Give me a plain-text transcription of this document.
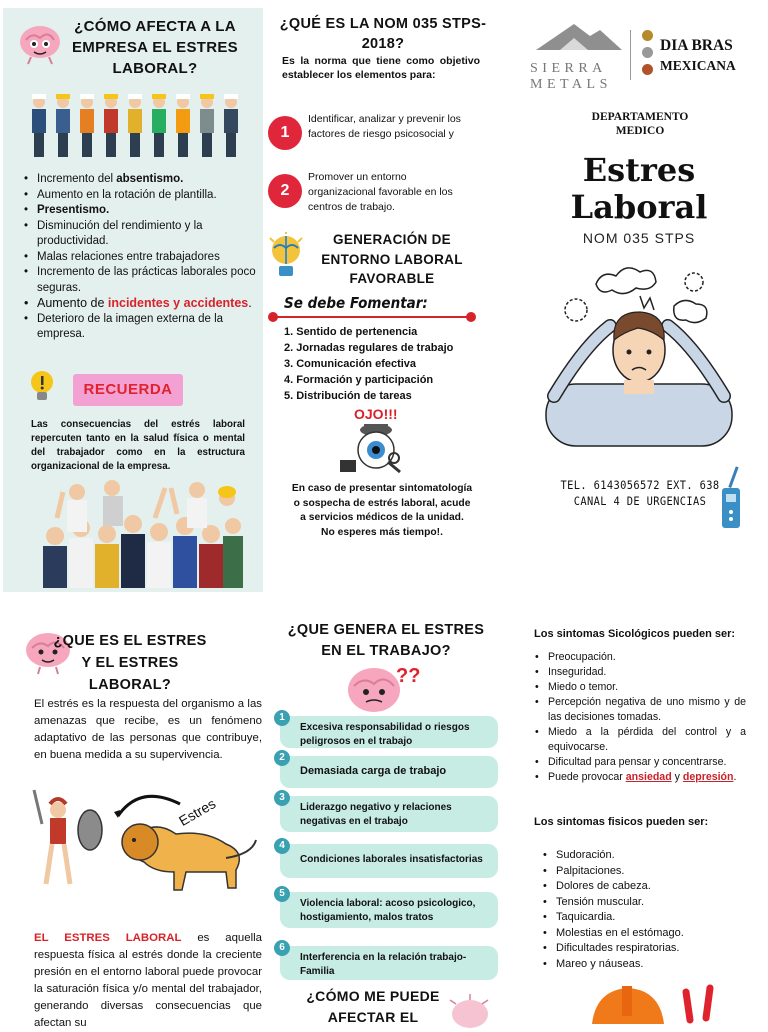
¿CÓMO AFECTA A LA EMPRESA EL ESTRES LABORAL?
• Incremento del absentismo.
• Aumento en la rotación de plantilla.
• Presentismo.
• Disminución del rendimiento y la productividad.
• Malas relaciones entre trabajadores
• Incremento de las prácticas laborales poco seguras.
• Aumento de incidentes y accidentes.
• Deterioro de la imagen externa de la empresa.
RECUERDA
Las consecuencias del estrés laboral repercuten tanto en la salud física o mental del trabajador como en la estructura organizacional de la empresa.
¿QUÉ ES LA NOM 035 STPS- 2018?
Es la norma que tiene como objetivo establecer los elementos para:
1
Identificar, analizar y prevenir los factores de riesgo psicosocial y
2
Promover un entorno organizacional favorable en los centros de trabajo.
GENERACIÓN DE ENTORNO LABORAL FAVORABLE
Se debe Fomentar:
1. Sentido de pertenencia
2. Jornadas regulares de trabajo
3. Comunicación efectiva
4. Formación y participación
5. Distribución de tareas
OJO!!!
En caso de presentar sintomatología o sospecha de estrés laboral, acude a servicios médicos de la unidad.
No esperes más tiempo!.
SIERRA
METALS
DIA BRAS
MEXICANA
DEPARTAMENTO MEDICO
Estres
Laboral
NOM 035 STPS
TEL. 6143056572 EXT. 638
CANAL 4 DE URGENCIAS
¿QUE ES EL ESTRES Y EL ESTRES LABORAL?
El estrés es la respuesta del organismo a las amenazas que recibe, es un fenómeno adaptativo de las personas que contribuye, en buena medida a su supervivencia.
Estres
EL ESTRES LABORAL es aquella respuesta física al estrés donde la creciente presión en el entorno laboral puede provocar la saturación física y/o mental del trabajador, generando diversas consecuencias que afectan su
¿QUE GENERA EL ESTRES EN EL TRABAJO?
??
1
Excesiva responsabilidad o riesgos peligrosos en el trabajo
2
Demasiada carga de trabajo
3
Liderazgo negativo y relaciones negativas en el trabajo
4
Condiciones laborales insatisfactorias
5
Violencia laboral: acoso psicologico, hostigamiento, malos tratos
6
Interferencia en la relación trabajo-Familia
¿CÓMO ME PUEDE AFECTAR EL
Los sintomas Sicológicos pueden ser:
• Preocupación.
• Inseguridad.
• Miedo o temor.
• Percepción negativa de uno mismo y de las decisiones tomadas.
• Miedo a la pérdida del control y a equivocarse.
• Dificultad para pensar y concentrarse.
• Puede provocar ansiedad y depresión.
Los sintomas fisicos pueden ser:
• Sudoración.
• Palpitaciones.
• Dolores de cabeza.
• Tensión muscular.
• Taquicardia.
• Molestias en el estómago.
• Dificultades respiratorias.
• Mareo y náuseas.
